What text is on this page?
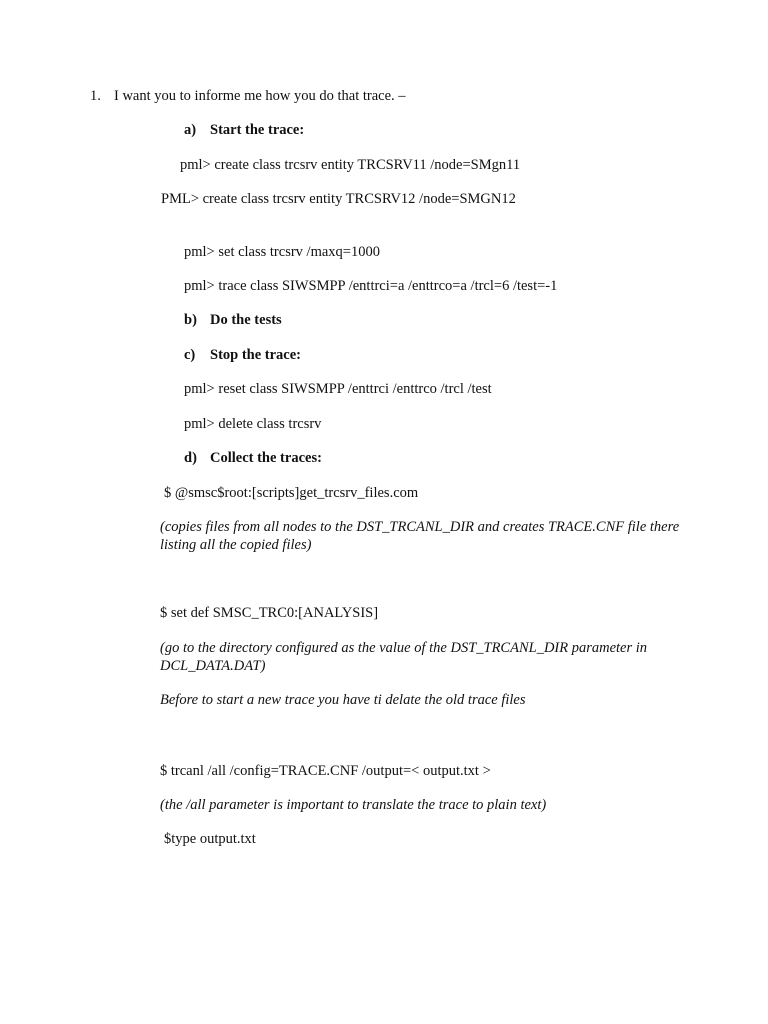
1. I want you to informe me how you do that trace. –
a) Start the trace:
pml> create class trcsrv entity TRCSRV11 /node=SMgn11
PML> create class trcsrv entity TRCSRV12 /node=SMGN12
pml> set class trcsrv /maxq=1000
pml> trace class SIWSMPP /enttrci=a /enttrco=a /trcl=6 /test=-1
b) Do the tests
c) Stop the trace:
pml> reset class SIWSMPP /enttrci /enttrco /trcl /test
pml> delete class trcsrv
d) Collect the traces:
$ @smsc$root:[scripts]get_trcsrv_files.com
(copies files from all nodes to the DST_TRCANL_DIR and creates TRACE.CNF file there listing all the copied files)
$ set def SMSC_TRC0:[ANALYSIS]
(go to the directory configured as the value of the DST_TRCANL_DIR parameter in DCL_DATA.DAT)
Before to start a new trace you have ti delate the old trace files
$ trcanl /all /config=TRACE.CNF /output=< output.txt >
(the /all parameter is important to translate the trace to plain text)
$type output.txt
